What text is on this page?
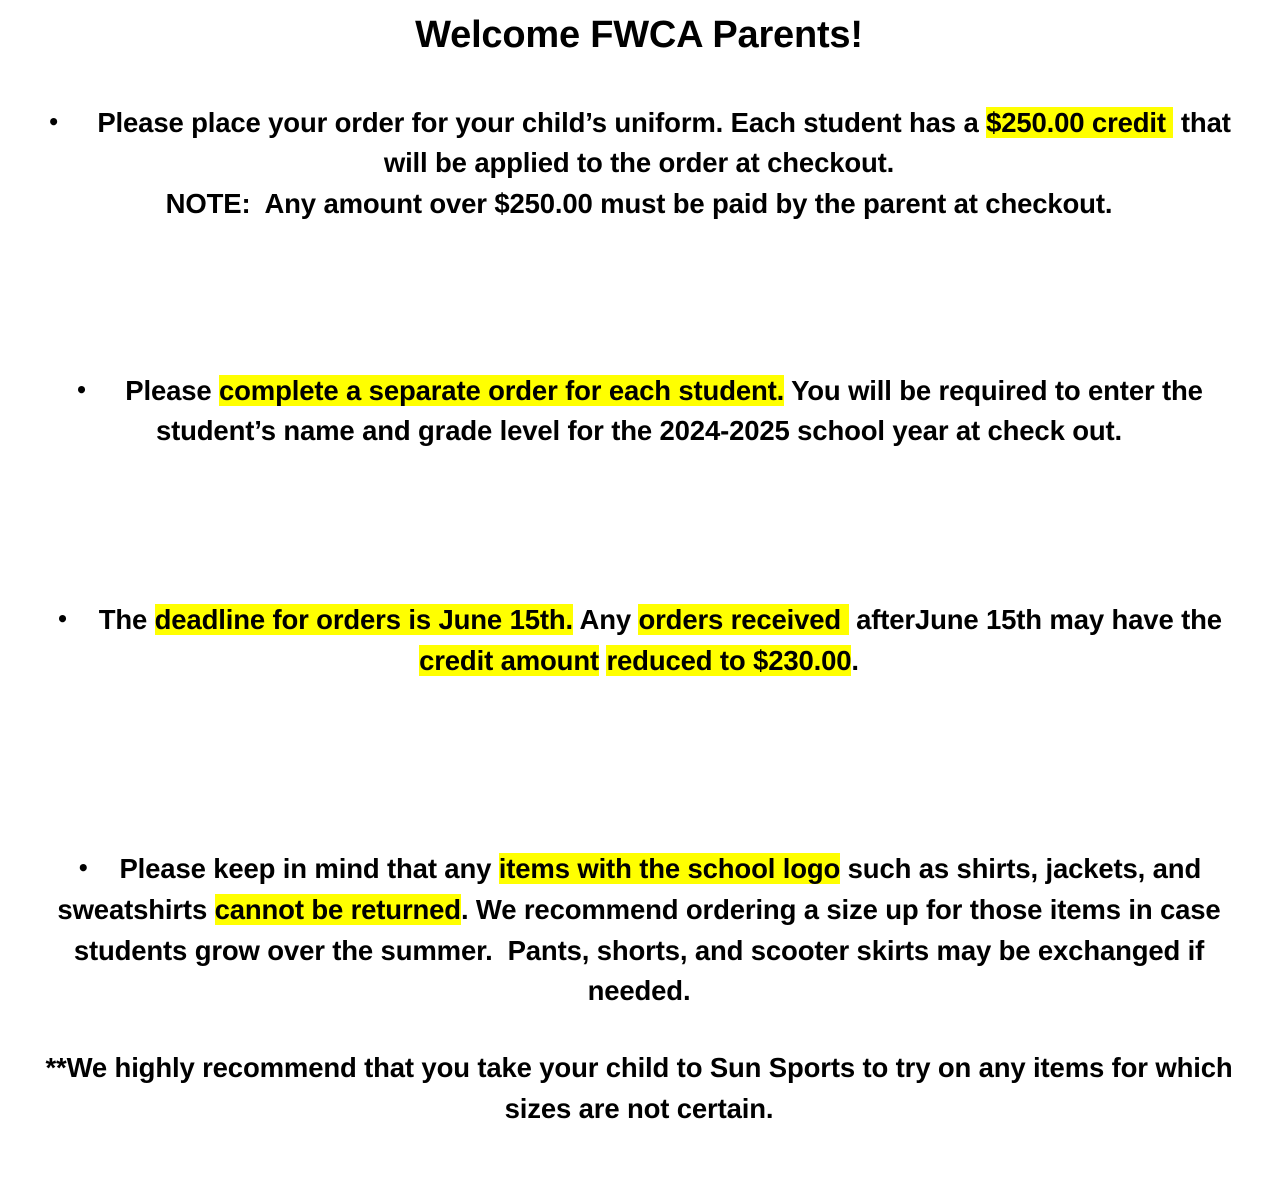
Welcome FWCA Parents!
• Please place your order for your child’s uniform. Each student has a $250.00 credit  that will be applied to the order at checkout.
NOTE: Any amount over $250.00 must be paid by the parent at checkout.
• Please complete a separate order for each student. You will be required to enter the student’s name and grade level for the 2024-2025 school year at check out.
• The deadline for orders is June 15th. Any orders received  afterJune 15th may have the credit amount reduced to $230.00.
• Please keep in mind that any items with the school logo such as shirts, jackets, and sweatshirts cannot be returned. We recommend ordering a size up for those items in case students grow over the summer. Pants, shorts, and scooter skirts may be exchanged if needed.
**We highly recommend that you take your child to Sun Sports to try on any items for which sizes are not certain.
